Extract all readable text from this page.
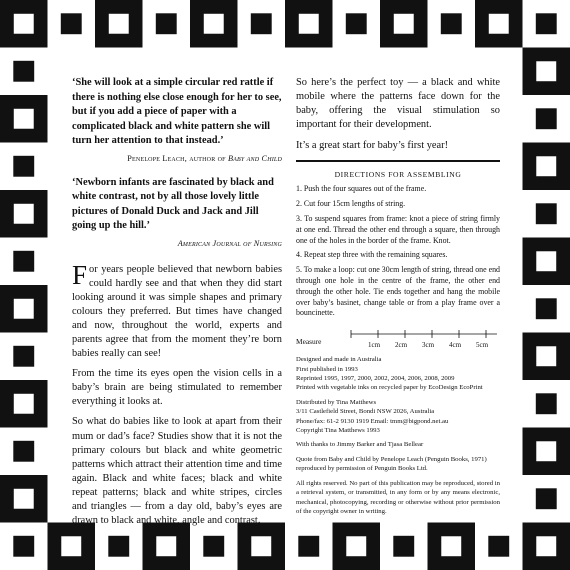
‘She will look at a simple circular red rattle if there is nothing else close enough for her to see, but if you add a piece of paper with a complicated black and white pattern she will turn her attention to that instead.’

Penelope Leach, author of Baby and Child

‘Newborn infants are fascinated by black and white contrast, not by all those lovely little pictures of Donald Duck and Jack and Jill going up the hill.’

American Journal of Nursing

For years people believed that newborn babies could hardly see and that when they did start looking around it was simple shapes and primary colours they preferred. But times have changed and now, throughout the world, experts and parents agree that from the moment they’re born babies really can see!

From the time its eyes open the vision cells in a baby’s brain are being stimulated to remember everything it looks at.

So what do babies like to look at apart from their mum or dad’s face? Studies show that it is not the primary colours but black and white geometric patterns which attract their attention time and time again. Black and white faces; black and white repeat patterns; black and white stripes, circles and triangles — from a day old, baby’s eyes are drawn to black and white, angle and contrast.

So here’s the perfect toy — a black and white mobile where the patterns face down for the baby, offering the visual stimulation so important for their development.

It’s a great start for baby’s first year!

DIRECTIONS FOR ASSEMBLING

1. Push the four squares out of the frame.

2. Cut four 15cm lengths of string.

3. To suspend squares from frame: knot a piece of string firmly at one end. Thread the other end through a square, then through one of the holes in the border of the frame. Knot.

4. Repeat step three with the remaining squares.

5. To make a loop: cut one 30cm length of string, thread one end through one hole in the centre of the frame, the other end through the other hole. Tie ends together and hang the mobile over baby’s basinet, change table or from a play frame over a bouncinette.

Measure	1cm 2cm 3cm 4cm 5cm

Designed and made in Australia
First published in 1993
Reprinted 1995, 1997, 2000, 2002, 2004, 2006, 2008, 2009
Printed with vegetable inks on recycled paper by EcoDesign EcoPrint

Distributed by Tina Matthews
3/11 Castlefield Street, Bondi NSW 2026, Australia
Phone/fax: 61-2 9130 1919 Email: tmm@bigpond.net.au
Copyright Tina Matthews 1993

With thanks to Jimmy Barker and Tjasa Bellear

Quote from Baby and Child by Penelope Leach (Penguin Books, 1971) reproduced by permission of Penguin Books Ltd.

All rights reserved. No part of this publication may be reproduced, stored in a retrieval system, or transmitted, in any form or by any means electronic, mechanical, photocopying, recording or otherwise without prior permission of the copyright owner in writing.
